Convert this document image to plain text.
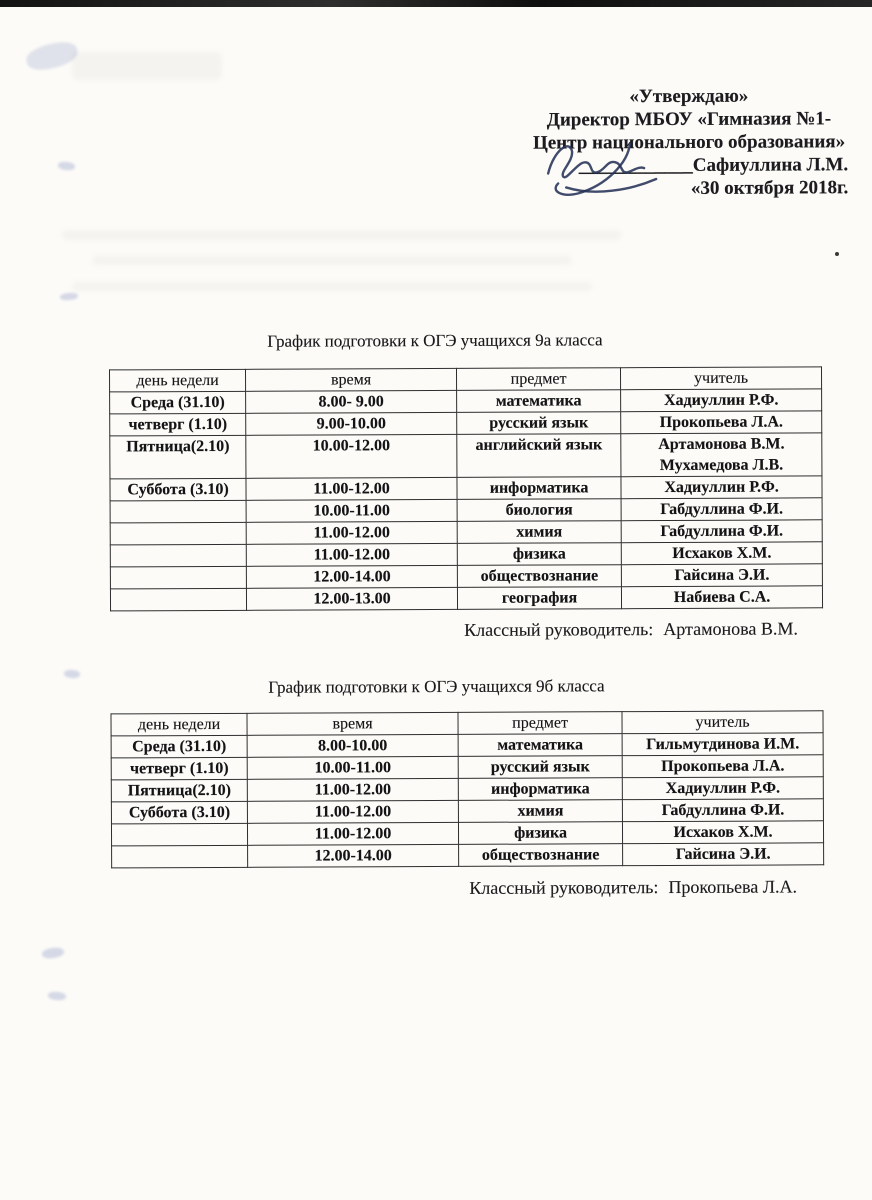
«Утверждаю»
Директор МБОУ «Гимназия №1-
Центр национального образования»
____________Сафиуллина Л.М.
«30 октября 2018г.
График подготовки к ОГЭ учащихся 9а класса
день недели	время	предмет	учитель
Среда (31.10)	8.00- 9.00	математика	Хадиуллин Р.Ф.
четверг (1.10)	9.00-10.00	русский язык	Прокопьева Л.А.
Пятница(2.10)	10.00-12.00	английский язык	Артамонова В.М.
Мухамедова Л.В.
Суббота (3.10)	11.00-12.00	информатика	Хадиуллин Р.Ф.
	10.00-11.00	биология	Габдуллина Ф.И.
	11.00-12.00	химия	Габдуллина Ф.И.
	11.00-12.00	физика	Исхаков Х.М.
	12.00-14.00	обществознание	Гайсина Э.И.
	12.00-13.00	география	Набиева С.А.
Классный руководитель: Артамонова В.М.
График подготовки к ОГЭ учащихся 9б класса
день недели	время	предмет	учитель
Среда (31.10)	8.00-10.00	математика	Гильмутдинова И.М.
четверг (1.10)	10.00-11.00	русский язык	Прокопьева Л.А.
Пятница(2.10)	11.00-12.00	информатика	Хадиуллин Р.Ф.
Суббота (3.10)	11.00-12.00	химия	Габдуллина Ф.И.
	11.00-12.00	физика	Исхаков Х.М.
	12.00-14.00	обществознание	Гайсина Э.И.
Классный руководитель: Прокопьева Л.А.
